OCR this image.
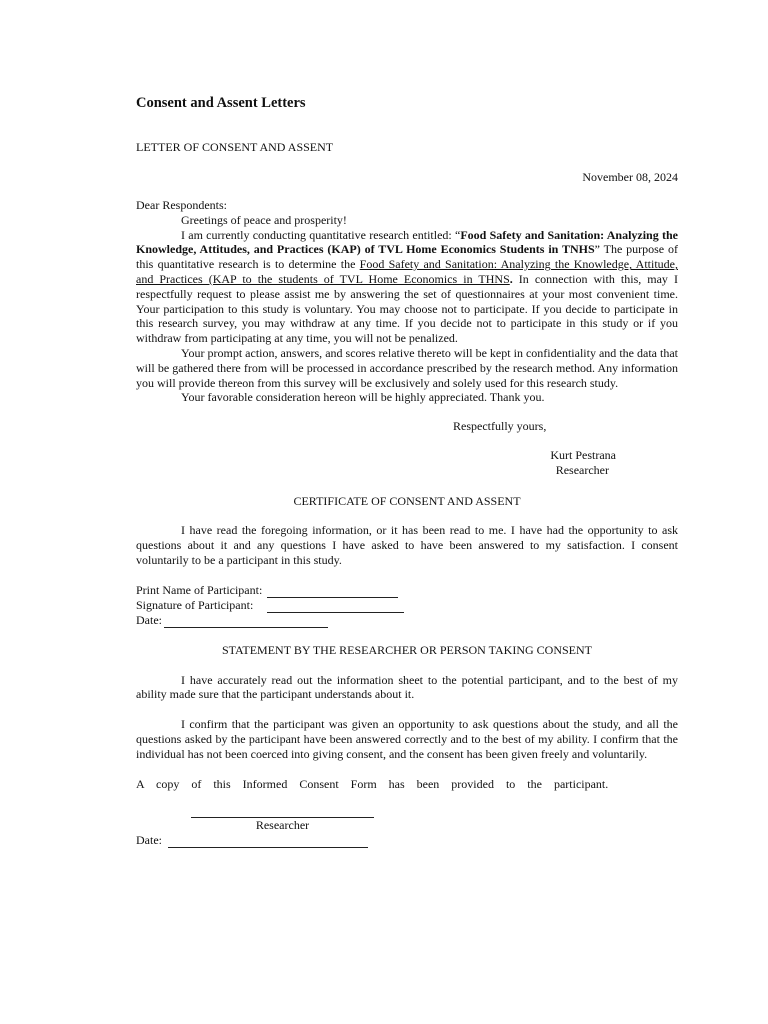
Consent and Assent Letters
LETTER OF CONSENT AND ASSENT
November 08, 2024
Dear Respondents:

Greetings of peace and prosperity!

I am currently conducting quantitative research entitled: “Food Safety and Sanitation: Analyzing the Knowledge, Attitudes, and Practices (KAP) of TVL Home Economics Students in TNHS” The purpose of this quantitative research is to determine the Food Safety and Sanitation: Analyzing the Knowledge, Attitude, and Practices (KAP to the students of TVL Home Economics in THNS. In connection with this, may I respectfully request to please assist me by answering the set of questionnaires at your most convenient time. Your participation to this study is voluntary. You may choose not to participate. If you decide to participate in this research survey, you may withdraw at any time. If you decide not to participate in this study or if you withdraw from participating at any time, you will not be penalized.

Your prompt action, answers, and scores relative thereto will be kept in confidentiality and the data that will be gathered there from will be processed in accordance prescribed by the research method. Any information you will provide thereon from this survey will be exclusively and solely used for this research study.

Your favorable consideration hereon will be highly appreciated. Thank you.

Respectfully yours,
Kurt Pestrana
Researcher
CERTIFICATE OF CONSENT AND ASSENT

I have read the foregoing information, or it has been read to me. I have had the opportunity to ask questions about it and any questions I have asked to have been answered to my satisfaction. I consent voluntarily to be a participant in this study.

Print Name of Participant:
Signature of Participant:
Date:
STATEMENT BY THE RESEARCHER OR PERSON TAKING CONSENT

I have accurately read out the information sheet to the potential participant, and to the best of my ability made sure that the participant understands about it.

I confirm that the participant was given an opportunity to ask questions about the study, and all the questions asked by the participant have been answered correctly and to the best of my ability. I confirm that the individual has not been coerced into giving consent, and the consent has been given freely and voluntarily.

A copy of this Informed Consent Form has been provided to the participant.

Researcher
Date:
